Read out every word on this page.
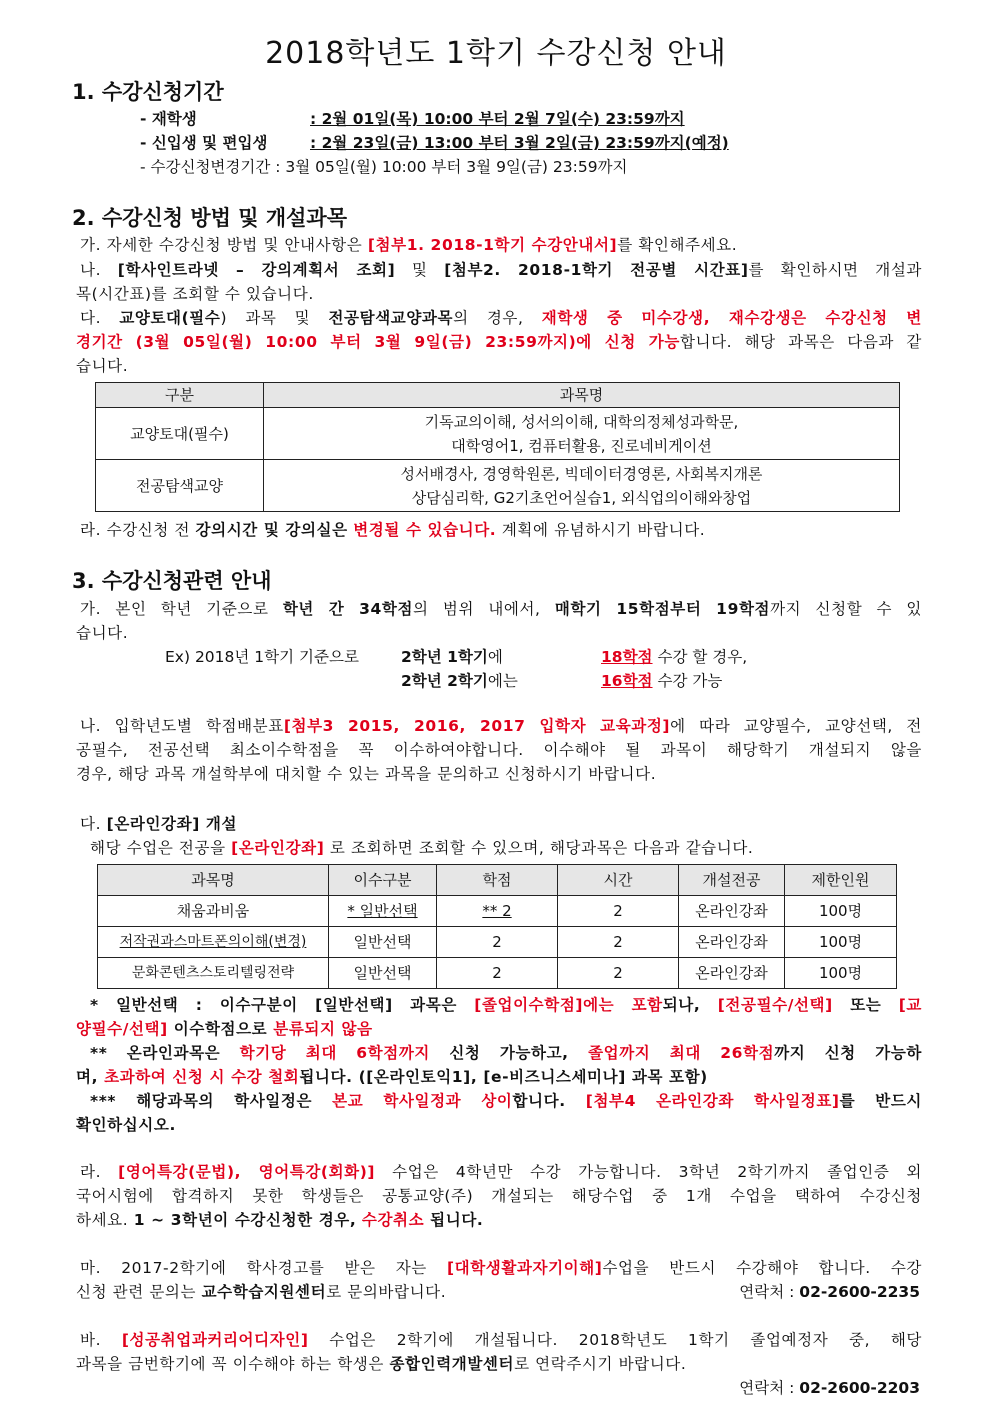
2018학년도 1학기 수강신청 안내
1. 수강신청기간
- 재학생	: 2월 01일(목) 10:00 부터 2월 7일(수) 23:59까지
- 신입생 및 편입생	: 2월 23일(금) 13:00 부터 3월 2일(금) 23:59까지(예정)
- 수강신청변경기간 : 3월 05일(월) 10:00 부터 3월 9일(금) 23:59까지
2. 수강신청 방법 및 개설과목
가. 자세한 수강신청 방법 및 안내사항은 [첨부1. 2018-1학기 수강안내서]를 확인해주세요.
나. [학사인트라넷 – 강의계획서 조회] 및 [첨부2. 2018-1학기 전공별 시간표]를 확인하시면 개설과
목(시간표)를 조회할 수 있습니다.
다. 교양토대(필수) 과목 및 전공탐색교양과목의 경우, 재학생 중 미수강생, 재수강생은 수강신청 변
경기간 (3월 05일(월) 10:00 부터 3월 9일(금) 23:59까지)에 신청 가능합니다. 해당 과목은 다음과 같
습니다.
구분	과목명
교양토대(필수)	기독교의이해, 성서의이해, 대학의정체성과학문,
대학영어1, 컴퓨터활용, 진로네비게이션

전공탐색교양	성서배경사, 경영학원론, 빅데이터경영론, 사회복지개론
상담심리학, G2기초언어실습1, 외식업의이해와창업
라. 수강신청 전 강의시간 및 강의실은 변경될 수 있습니다. 계획에 유념하시기 바랍니다.
3. 수강신청관련 안내
가. 본인 학년 기준으로 학년 간 34학점의 범위 내에서, 매학기 15학점부터 19학점까지 신청할 수 있
습니다.
Ex) 2018년 1학기 기준으로	2학년 1학기에	18학점 수강 할 경우,
2학년 2학기에는	16학점 수강 가능
나. 입학년도별 학점배분표[첨부3 2015, 2016, 2017 입학자 교육과정]에 따라 교양필수, 교양선택, 전
공필수, 전공선택 최소이수학점을 꼭 이수하여야합니다. 이수해야 될 과목이 해당학기 개설되지 않을
경우, 해당 과목 개설학부에 대치할 수 있는 과목을 문의하고 신청하시기 바랍니다.
다. [온라인강좌] 개설
해당 수업은 전공을 [온라인강좌] 로 조회하면 조회할 수 있으며, 해당과목은 다음과 같습니다.
과목명	이수구분	학점	시간	개설전공	제한인원
채움과비움	* 일반선택	** 2	2	온라인강좌	100명
저작권과스마트폰의이해(변경)	일반선택	2	2	온라인강좌	100명
문화콘텐츠스토리텔링전략	일반선택	2	2	온라인강좌	100명
* 일반선택 : 이수구분이 [일반선택] 과목은 [졸업이수학점]에는 포함되나, [전공필수/선택] 또는 [교
양필수/선택] 이수학점으로 분류되지 않음
** 온라인과목은 학기당 최대 6학점까지 신청 가능하고, 졸업까지 최대 26학점까지 신청 가능하
며, 초과하여 신청 시 수강 철회됩니다. ([온라인토익1], [e-비즈니스세미나] 과목 포함)
*** 해당과목의 학사일정은 본교 학사일정과 상이합니다. [첨부4 온라인강좌 학사일정표]를 반드시
확인하십시오.
라. [영어특강(문법), 영어특강(회화)] 수업은 4학년만 수강 가능합니다. 3학년 2학기까지 졸업인증 외
국어시험에 합격하지 못한 학생들은 공통교양(주) 개설되는 해당수업 중 1개 수업을 택하여 수강신청
하세요. 1 ~ 3학년이 수강신청한 경우, 수강취소 됩니다.
마. 2017-2학기에 학사경고를 받은 자는 [대학생활과자기이해]수업을 반드시 수강해야 합니다. 수강
신청 관련 문의는 교수학습지원센터로 문의바랍니다.	연락처 : 02-2600-2235
바. [성공취업과커리어디자인] 수업은 2학기에 개설됩니다. 2018학년도 1학기 졸업예정자 중, 해당
과목을 금번학기에 꼭 이수해야 하는 학생은 종합인력개발센터로 연락주시기 바랍니다.
연락처 : 02-2600-2203
